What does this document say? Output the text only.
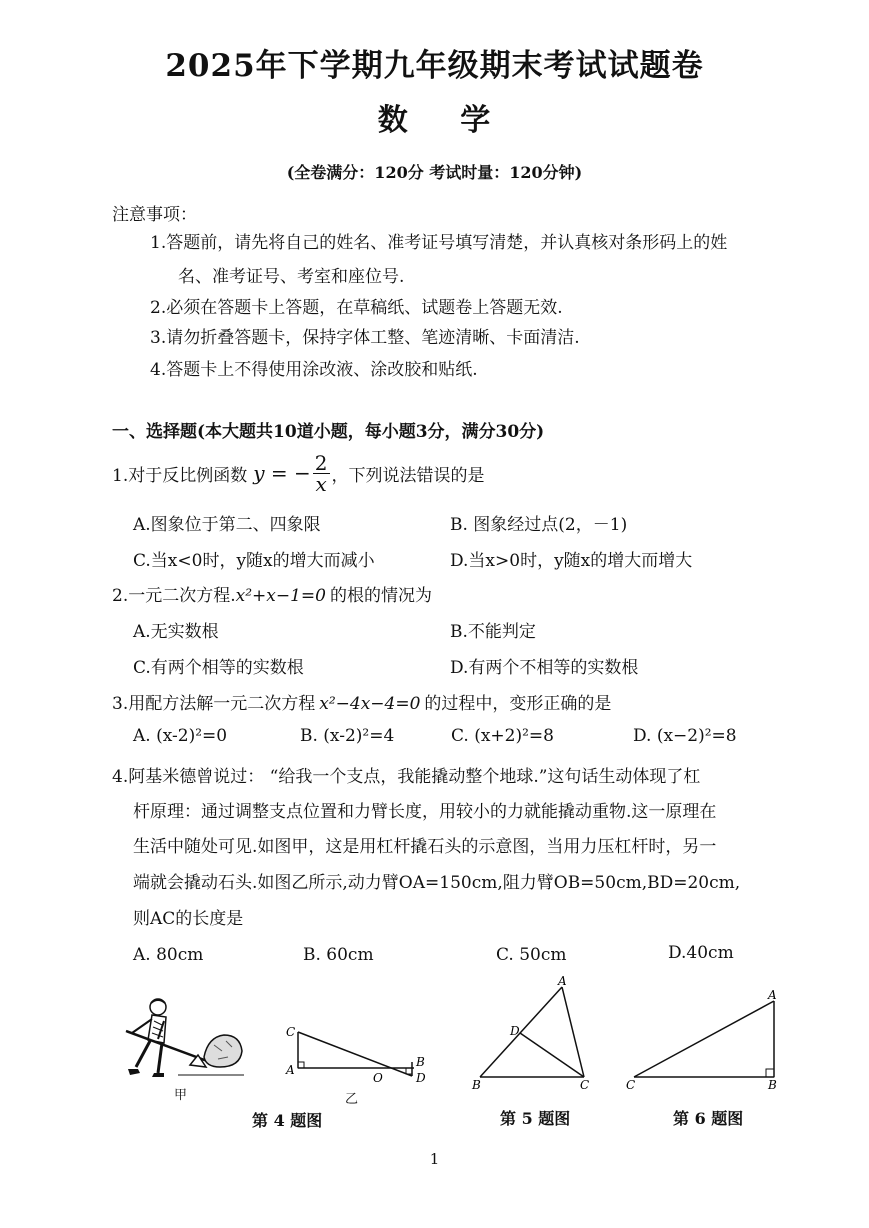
2025年下学期九年级期末考试试题卷
数 学
(全卷满分：120分 考试时量：120分钟)
注意事项：
1.答题前，请先将自己的姓名、准考证号填写清楚，并认真核对条形码上的姓
名、准考证号、考室和座位号.
2.必须在答题卡上答题，在草稿纸、试题卷上答题无效.
3.请勿折叠答题卡，保持字体工整、笔迹清晰、卡面清洁.
4.答题卡上不得使用涂改液、涂改胶和贴纸.
一、选择题(本大题共10道小题，每小题3分，满分30分)
1.对于反比例函数 y = − $\frac{2}{x}$ ，下列说法错误的是
A.图象位于第二、四象限	B. 图象经过点(2，－1)
C.当x<0时，y随x的增大而减小	D.当x>0时，y随x的增大而增大
2.一元二次方程.x²+x−1=0 的根的情况为
A.无实数根	B.不能判定
C.有两个相等的实数根	D.有两个不相等的实数根
3.用配方法解一元二次方程 x²−4x−4=0 的过程中，变形正确的是
A. (x-2)²=0	B. (x-2)²=4	C. (x+2)²=8	D. (x−2)²=8
4.阿基米德曾说过： “给我一个支点，我能撬动整个地球.”这句话生动体现了杠
杆原理：通过调整支点位置和力臂长度，用较小的力就能撬动重物.这一原理在
生活中随处可见.如图甲，这是用杠杆撬石头的示意图，当用力压杠杆时，另一
端就会撬动石头.如图乙所示,动力臂OA=150cm,阻力臂OB=50cm,BD=20cm,
则AC的长度是
A. 80cm	B. 60cm	C. 50cm	D.40cm
甲
C
A
O
B
D
乙
A
D
B	C
A
C	B
第 4 题图	第 5 题图	第 6 题图
1
